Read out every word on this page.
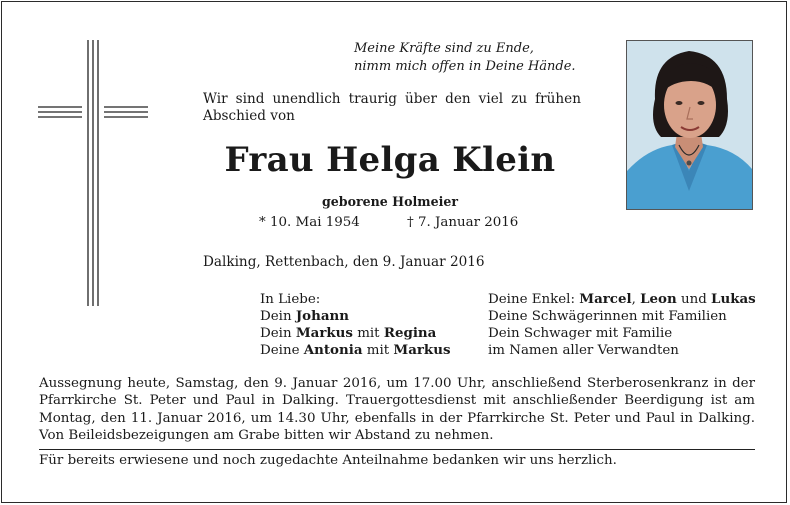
Meine Kräfte sind zu Ende,
nimm mich offen in Deine Hände.
Wir sind unendlich traurig über den viel zu frühen Abschied von
Frau Helga Klein
geborene Holmeier
* 10. Mai 1954	† 7. Januar 2016
Dalking, Rettenbach, den 9. Januar 2016
In Liebe:
Dein Johann
Dein Markus mit Regina
Deine Antonia mit Markus
Deine Enkel: Marcel, Leon und Lukas
Deine Schwägerinnen mit Familien
Dein Schwager mit Familie
im Namen aller Verwandten
Aussegnung heute, Samstag, den 9. Januar 2016, um 17.00 Uhr, anschließend Sterberosenkranz in der Pfarrkirche St. Peter und Paul in Dalking. Trauergottesdienst mit anschließender Beerdigung ist am Montag, den 11. Januar 2016, um 14.30 Uhr, ebenfalls in der Pfarrkirche St. Peter und Paul in Dalking. Von Beileidsbezeigungen am Grabe bitten wir Abstand zu nehmen.
Für bereits erwiesene und noch zugedachte Anteilnahme bedanken wir uns herzlich.
